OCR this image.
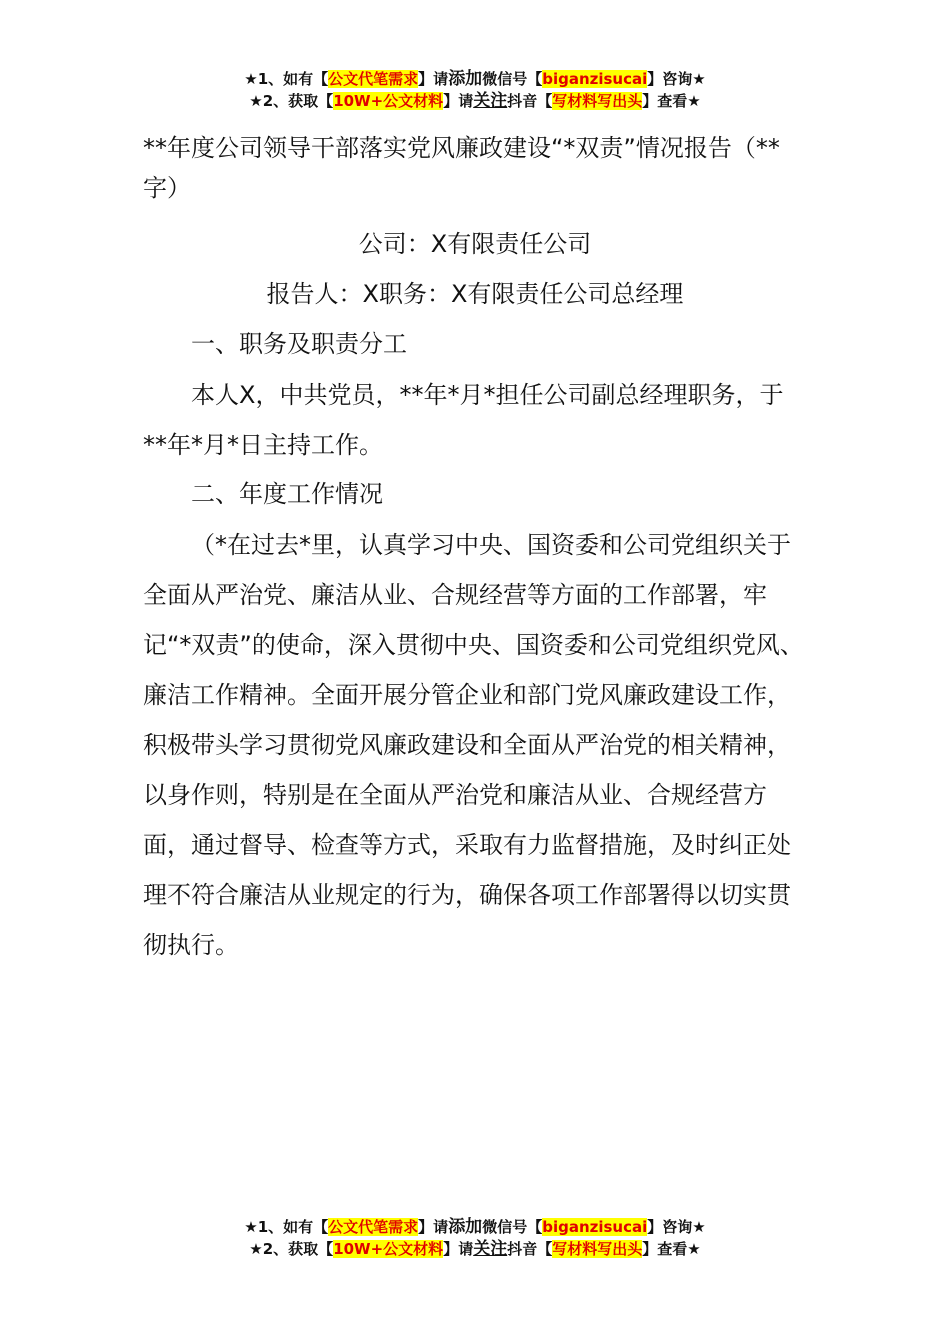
★1、如有【公文代笔需求】请添加微信号【biganzisucai】咨询★
★2、获取【10W+公文材料】请关注抖音【写材料写出头】查看★
**年度公司领导干部落实党风廉政建设“*双责”情况报告（**字）
公司：X有限责任公司
报告人：X职务：X有限责任公司总经理
一、职务及职责分工
本人X，中共党员，**年*月*担任公司副总经理职务，于**年*月*日主持工作。
二、年度工作情况
（*在过去*里，认真学习中央、国资委和公司党组织关于全面从严治党、廉洁从业、合规经营等方面的工作部署，牢记“*双责”的使命，深入贯彻中央、国资委和公司党组织党风、廉洁工作精神。全面开展分管企业和部门党风廉政建设工作，积极带头学习贯彻党风廉政建设和全面从严治党的相关精神，以身作则，特别是在全面从严治党和廉洁从业、合规经营方面，通过督导、检查等方式，采取有力监督措施，及时纠正处理不符合廉洁从业规定的行为，确保各项工作部署得以切实贯彻执行。
★1、如有【公文代笔需求】请添加微信号【biganzisucai】咨询★
★2、获取【10W+公文材料】请关注抖音【写材料写出头】查看★
